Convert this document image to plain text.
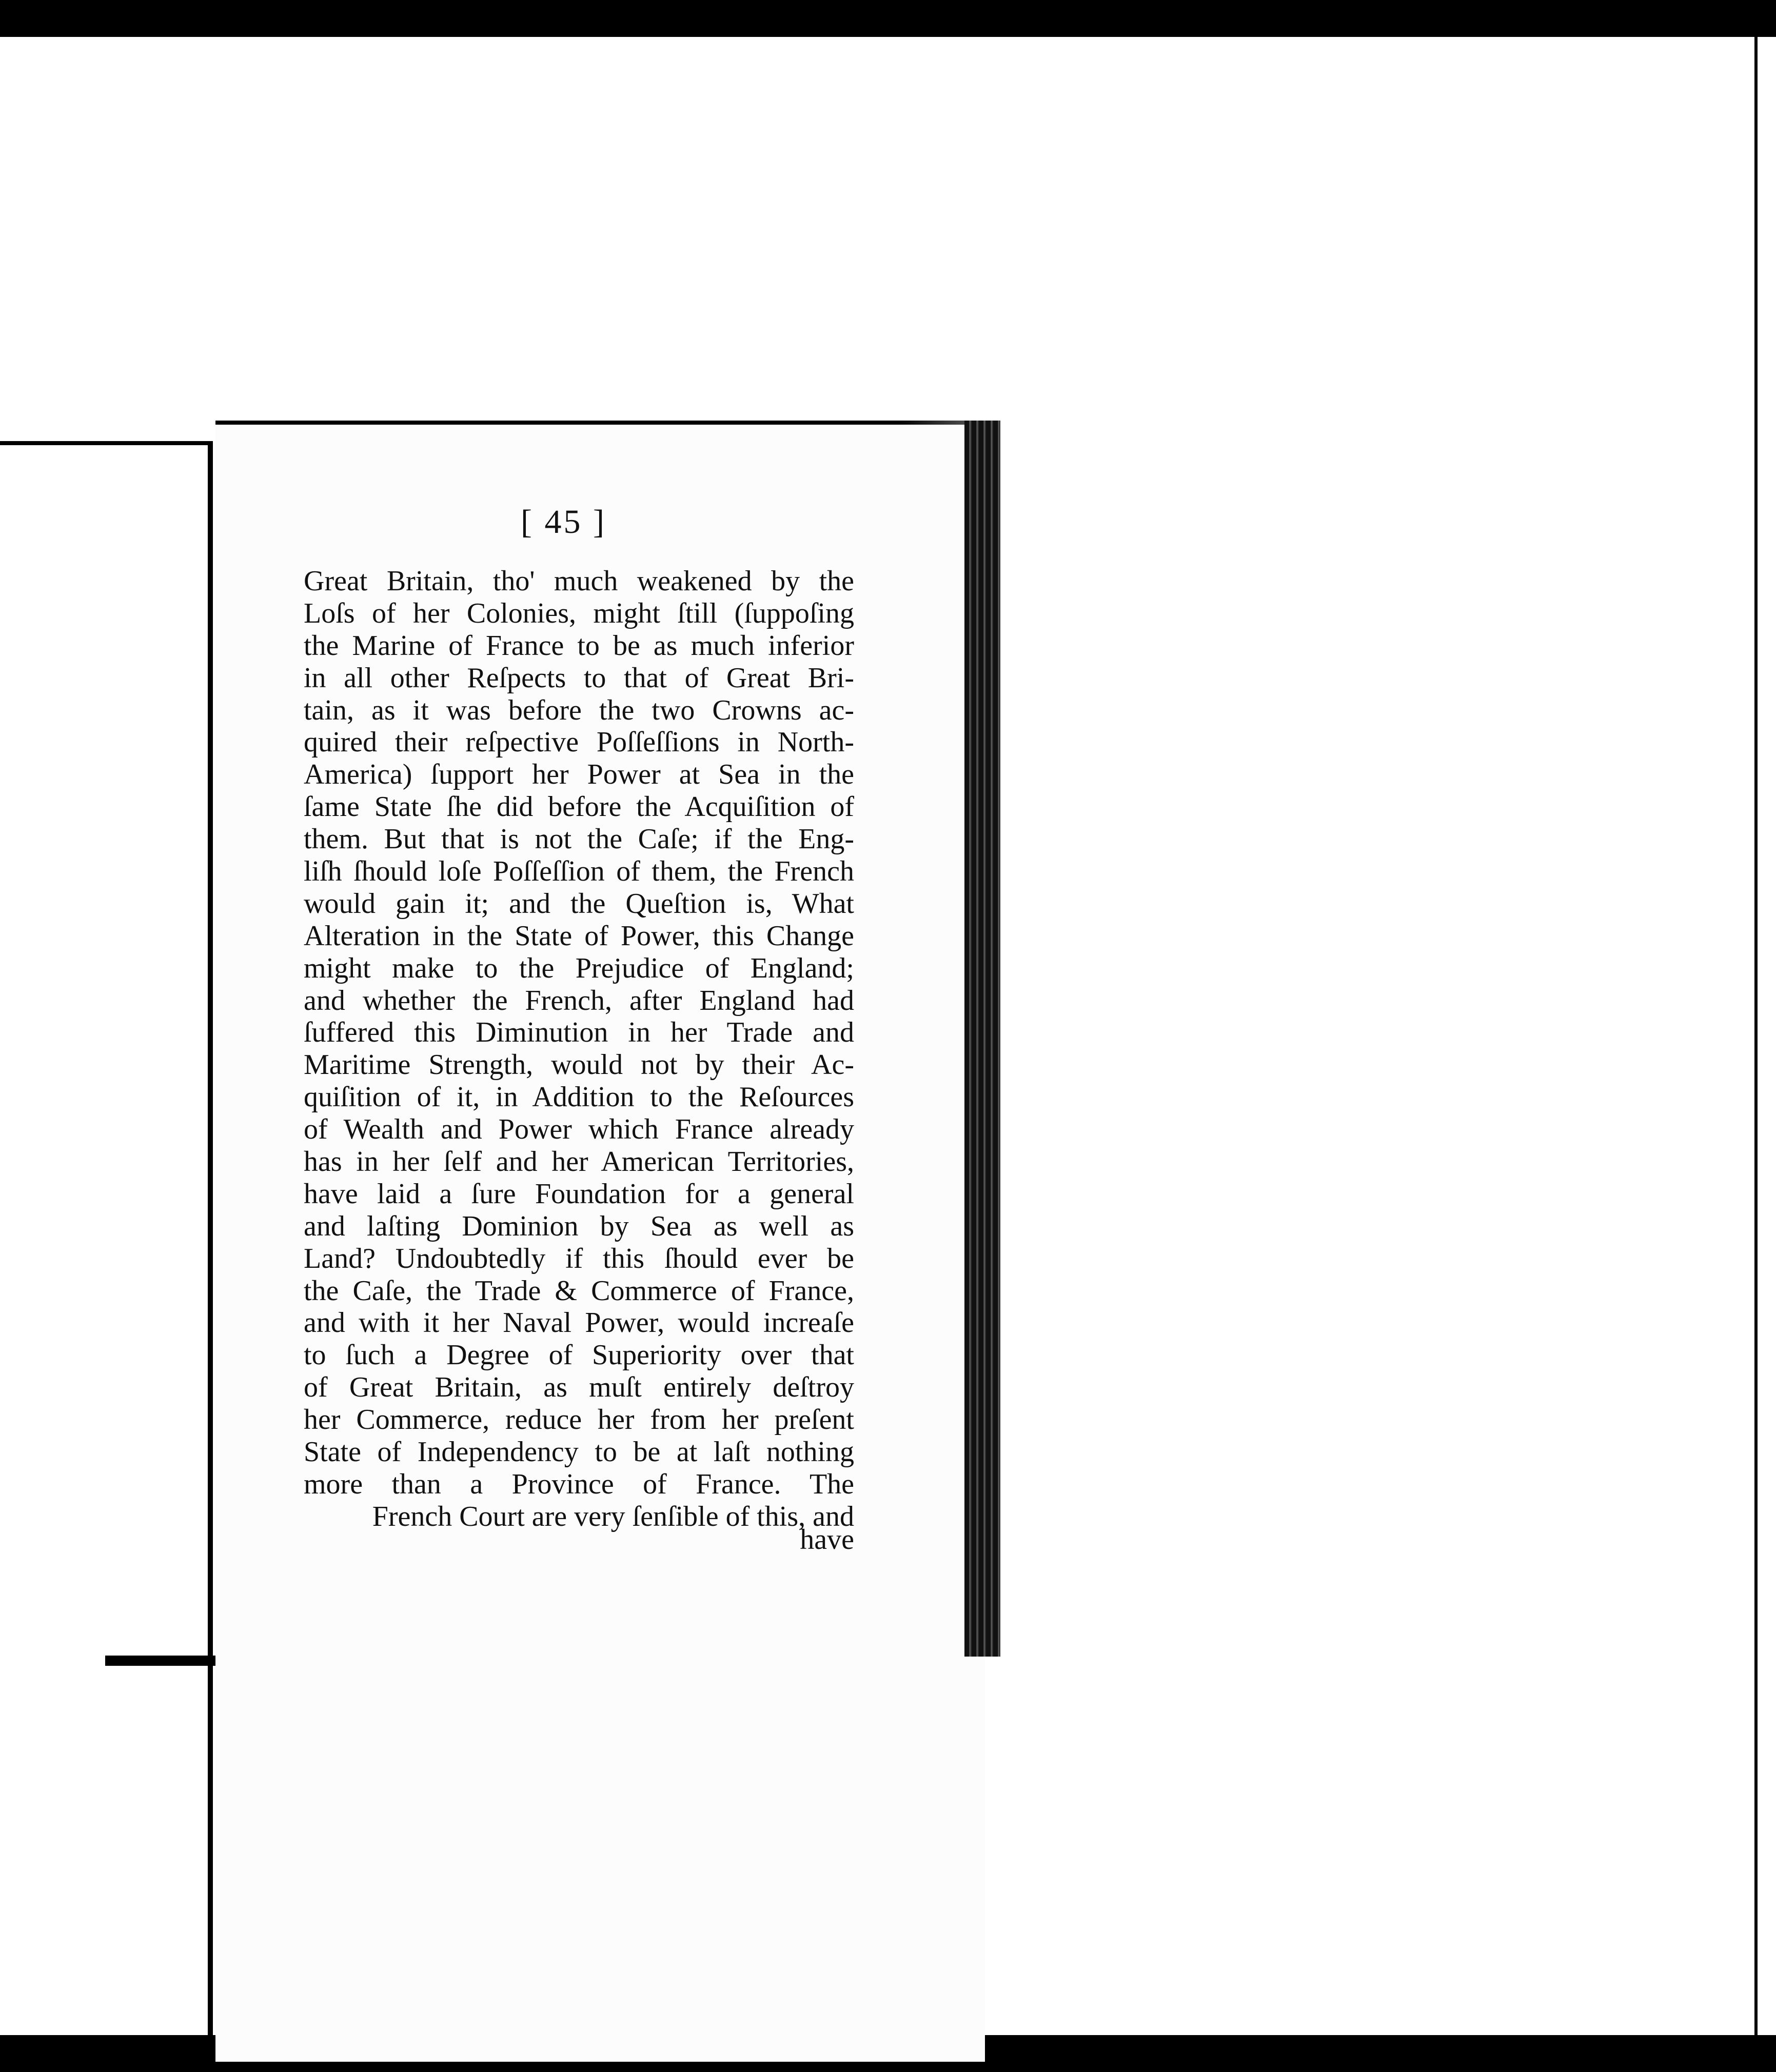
[ 45 ]
Great Britain, tho' much weakened by the
Loſs of her Colonies, might ſtill (ſuppoſing
the Marine of France to be as much inferior
in all other Reſpects to that of Great Bri-
tain, as it was before the two Crowns ac-
quired their reſpective Poſſeſſions in North-
America) ſupport her Power at Sea in the
ſame State ſhe did before the Acquiſition of
them. But that is not the Caſe; if the Eng-
liſh ſhould loſe Poſſeſſion of them, the French
would gain it; and the Queſtion is, What
Alteration in the State of Power, this Change
might make to the Prejudice of England;
and whether the French, after England had
ſuffered this Diminution in her Trade and
Maritime Strength, would not by their Ac-
quiſition of it, in Addition to the Reſources
of Wealth and Power which France already
has in her ſelf and her American Territories,
have laid a ſure Foundation for a general
and laſting Dominion by Sea as well as
Land? Undoubtedly if this ſhould ever be
the Caſe, the Trade & Commerce of France,
and with it her Naval Power, would increaſe
to ſuch a Degree of Superiority over that
of Great Britain, as muſt entirely deſtroy
her Commerce, reduce her from her preſent
State of Independency to be at laſt nothing
more than a Province of France. The
French Court are very ſenſible of this, and
have
